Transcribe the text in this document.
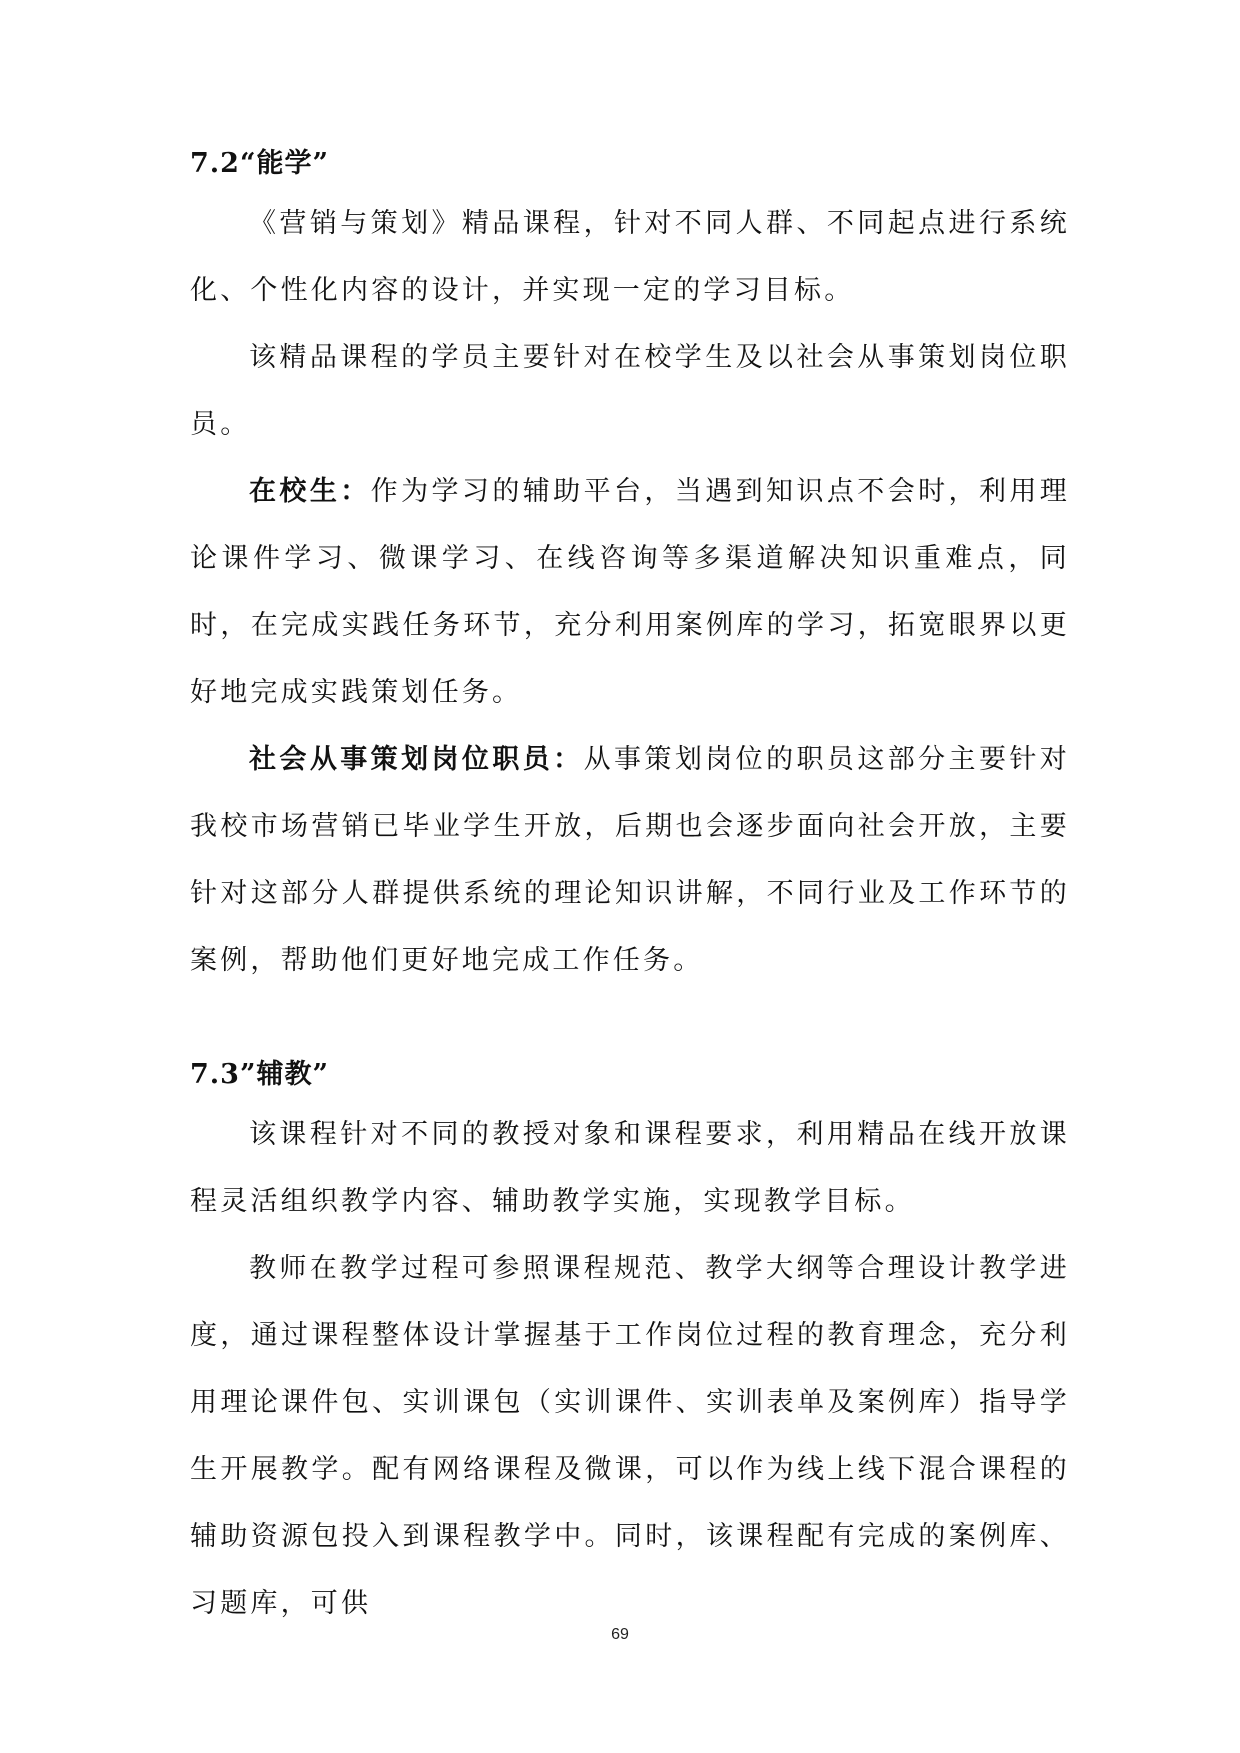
7.2“能学”

《营销与策划》精品课程，针对不同人群、不同起点进行系统化、个性化内容的设计，并实现一定的学习目标。

该精品课程的学员主要针对在校学生及以社会从事策划岗位职员。

在校生：作为学习的辅助平台，当遇到知识点不会时，利用理论课件学习、微课学习、在线咨询等多渠道解决知识重难点，同时，在完成实践任务环节，充分利用案例库的学习，拓宽眼界以更好地完成实践策划任务。

社会从事策划岗位职员：从事策划岗位的职员这部分主要针对我校市场营销已毕业学生开放，后期也会逐步面向社会开放，主要针对这部分人群提供系统的理论知识讲解，不同行业及工作环节的案例，帮助他们更好地完成工作任务。

7.3”辅教”

该课程针对不同的教授对象和课程要求，利用精品在线开放课程灵活组织教学内容、辅助教学实施，实现教学目标。

教师在教学过程可参照课程规范、教学大纲等合理设计教学进度，通过课程整体设计掌握基于工作岗位过程的教育理念，充分利用理论课件包、实训课包（实训课件、实训表单及案例库）指导学生开展教学。配有网络课程及微课，可以作为线上线下混合课程的辅助资源包投入到课程教学中。同时，该课程配有完成的案例库、习题库，可供

69
